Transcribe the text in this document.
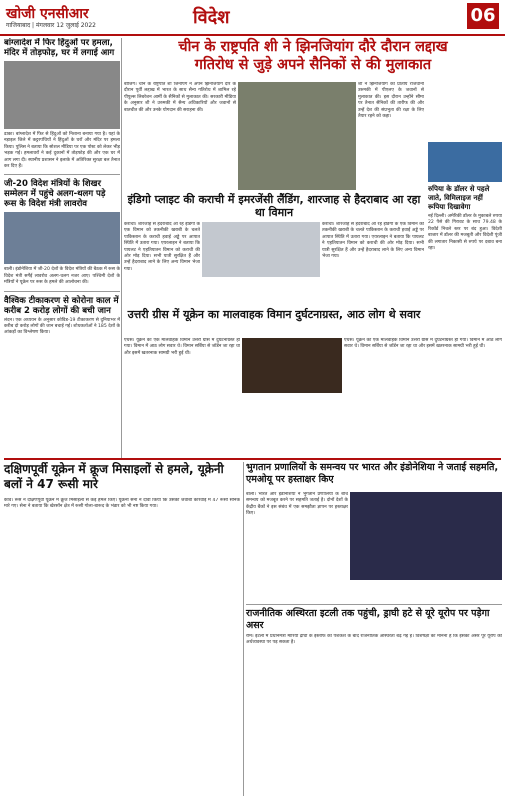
खोजी एनसीआर
गाजियाबाद | मंगलवार 12 जुलाई 2022	विदेश	06

बांग्लादेश में फिर हिंदुओं पर हमला, मंदिर में तोड़फोड़, घर में लगाई आग

ढाका। बांग्लादेश में फिर से हिंदुओं को निशाना बनाया गया है। यहां के नड़ाइल जिले में कट्टरपंथियों ने हिंदुओं के घरों और मंदिर पर हमला किया। पुलिस ने बताया कि सोशल मीडिया पर एक पोस्ट को लेकर भीड़ भड़क गई। हमलावरों ने कई दुकानों में तोड़फोड़ की और एक घर में आग लगा दी। स्थानीय प्रशासन ने इलाके में अतिरिक्त सुरक्षा बल तैनात कर दिए हैं।

जी-20 विदेश मंत्रियों के शिखर सम्मेलन में पहुंचे अलग-थलग पड़े रूस के विदेश मंत्री लावरोव

बाली। इंडोनेशिया में जी-20 देशों के विदेश मंत्रियों की बैठक में रूस के विदेश मंत्री सर्गेई लावरोव अलग-थलग नजर आए। पश्चिमी देशों के मंत्रियों ने यूक्रेन पर रूस के हमले की आलोचना की।

वैश्विक टीकाकरण से कोरोना काल में करीब 2 करोड़ लोगों की बची जान

लंदन। एक अध्ययन के अनुसार कोविड-19 टीकाकरण से दुनियाभर में करीब दो करोड़ लोगों की जान बचाई गई। शोधकर्ताओं ने 185 देशों के आंकड़ों का विश्लेषण किया।

चीन के राष्ट्रपति शी ने झिनजियांग दौरे दौरान लद्दाख

गतिरोध से जुड़े अपने सैनिकों से की मुलाकात

बीजिंग। चीन के राष्ट्रपति शी जिनपिंग ने अपने झिनजियांग दौरे के दौरान पूर्वी लद्दाख में भारत के साथ सैन्य गतिरोध में शामिल रहे पीपुल्स लिबरेशन आर्मी के सैनिकों से मुलाकात की। सरकारी मीडिया के अनुसार शी ने उरुमकी में सैन्य अधिकारियों और जवानों से बातचीत की और उनके योगदान की सराहना की।

शी ने झिनजियांग की प्रांतीय राजधानी उरुमकी में पीएलए के जवानों से मुलाकात की। इस दौरान उन्होंने सीमा पर तैनात सैनिकों की तारीफ की और उन्हें देश की संप्रभुता की रक्षा के लिए तैयार रहने को कहा।

रुपिया के डॉलर से पहले जाते, विमिलाइज नहीं रूपिया दिखावेगा

नई दिल्ली। अमेरिकी डॉलर के मुकाबले रुपया 22 पैसे की गिरावट के साथ 79.48 के रिकॉर्ड निचले स्तर पर बंद हुआ। विदेशी बाजार में डॉलर की मजबूती और विदेशी पूंजी की लगातार निकासी से रुपये पर दबाव बना रहा।

इंडिगो प्लाइट की कराची में इमरजेंसी लैंडिंग, शारजाह से हैदराबाद आ रहा था विमान

कराची। शारजाह से हैदराबाद आ रहे इंडिगो के एक विमान को तकनीकी खराबी के चलते पाकिस्तान के कराची हवाई अड्डे पर आपात स्थिति में उतारा गया। एयरलाइन ने बताया कि पायलट ने एहतियातन विमान को कराची की ओर मोड़ दिया। सभी यात्री सुरक्षित हैं और उन्हें हैदराबाद लाने के लिए अन्य विमान भेजा गया।

कराची। शारजाह से हैदराबाद आ रहे इंडिगो के एक विमान को तकनीकी खराबी के चलते पाकिस्तान के कराची हवाई अड्डे पर आपात स्थिति में उतारा गया। एयरलाइन ने बताया कि पायलट ने एहतियातन विमान को कराची की ओर मोड़ दिया। सभी यात्री सुरक्षित हैं और उन्हें हैदराबाद लाने के लिए अन्य विमान भेजा गया।

उत्तरी ग्रीस में यूक्रेन का मालवाहक विमान दुर्घटनाग्रस्त, आठ लोग थे सवार

एथेंस। यूक्रेन का एक मालवाहक विमान उत्तरी ग्रीस में दुर्घटनाग्रस्त हो गया। विमान में आठ लोग सवार थे। विमान सर्बिया से जॉर्डन जा रहा था और इसमें खतरनाक सामग्री भरी हुई थी।

एथेंस। यूक्रेन का एक मालवाहक विमान उत्तरी ग्रीस में दुर्घटनाग्रस्त हो गया। विमान में आठ लोग सवार थे। विमान सर्बिया से जॉर्डन जा रहा था और इसमें खतरनाक सामग्री भरी हुई थी।

दक्षिणपूर्वी यूक्रेन में क्रूज मिसाइलों से हमले, यूक्रेनी बलों ने 47 रूसी मारे

कीव। रूस ने दक्षिणपूर्वी यूक्रेन में क्रूज मिसाइलों से कई हमले किए। यूक्रेनी सेना ने दावा किया कि उसकी जवाबी कार्रवाई में 47 रूसी सैनिक मारे गए। सेना ने बताया कि खेरसॉन क्षेत्र में रूसी गोला-बारूद के भंडार को भी नष्ट किया गया।

भुगतान प्रणालियों के समन्वय पर भारत और इंडोनेशिया ने जताई सहमति, एमओयू पर हस्ताक्षर किए

बाली। भारत और इंडोनेशिया ने भुगतान प्रणालियों के बीच समन्वय को मजबूत करने पर सहमति जताई है। दोनों देशों के केंद्रीय बैंकों ने इस संबंध में एक समझौता ज्ञापन पर हस्ताक्षर किए।

राजनीतिक अस्थिरता इटली तक पहुंची, ड्राघी हटे से यूरे यूरोप पर पड़ेगा असर

रोम। इटली में प्रधानमंत्री मारियो द्राघी के इस्तीफे की पेशकश के बाद राजनीतिक अस्थिरता बढ़ गई है। विशेषज्ञों का मानना है कि इसका असर पूरे यूरोप की अर्थव्यवस्था पर पड़ सकता है।
